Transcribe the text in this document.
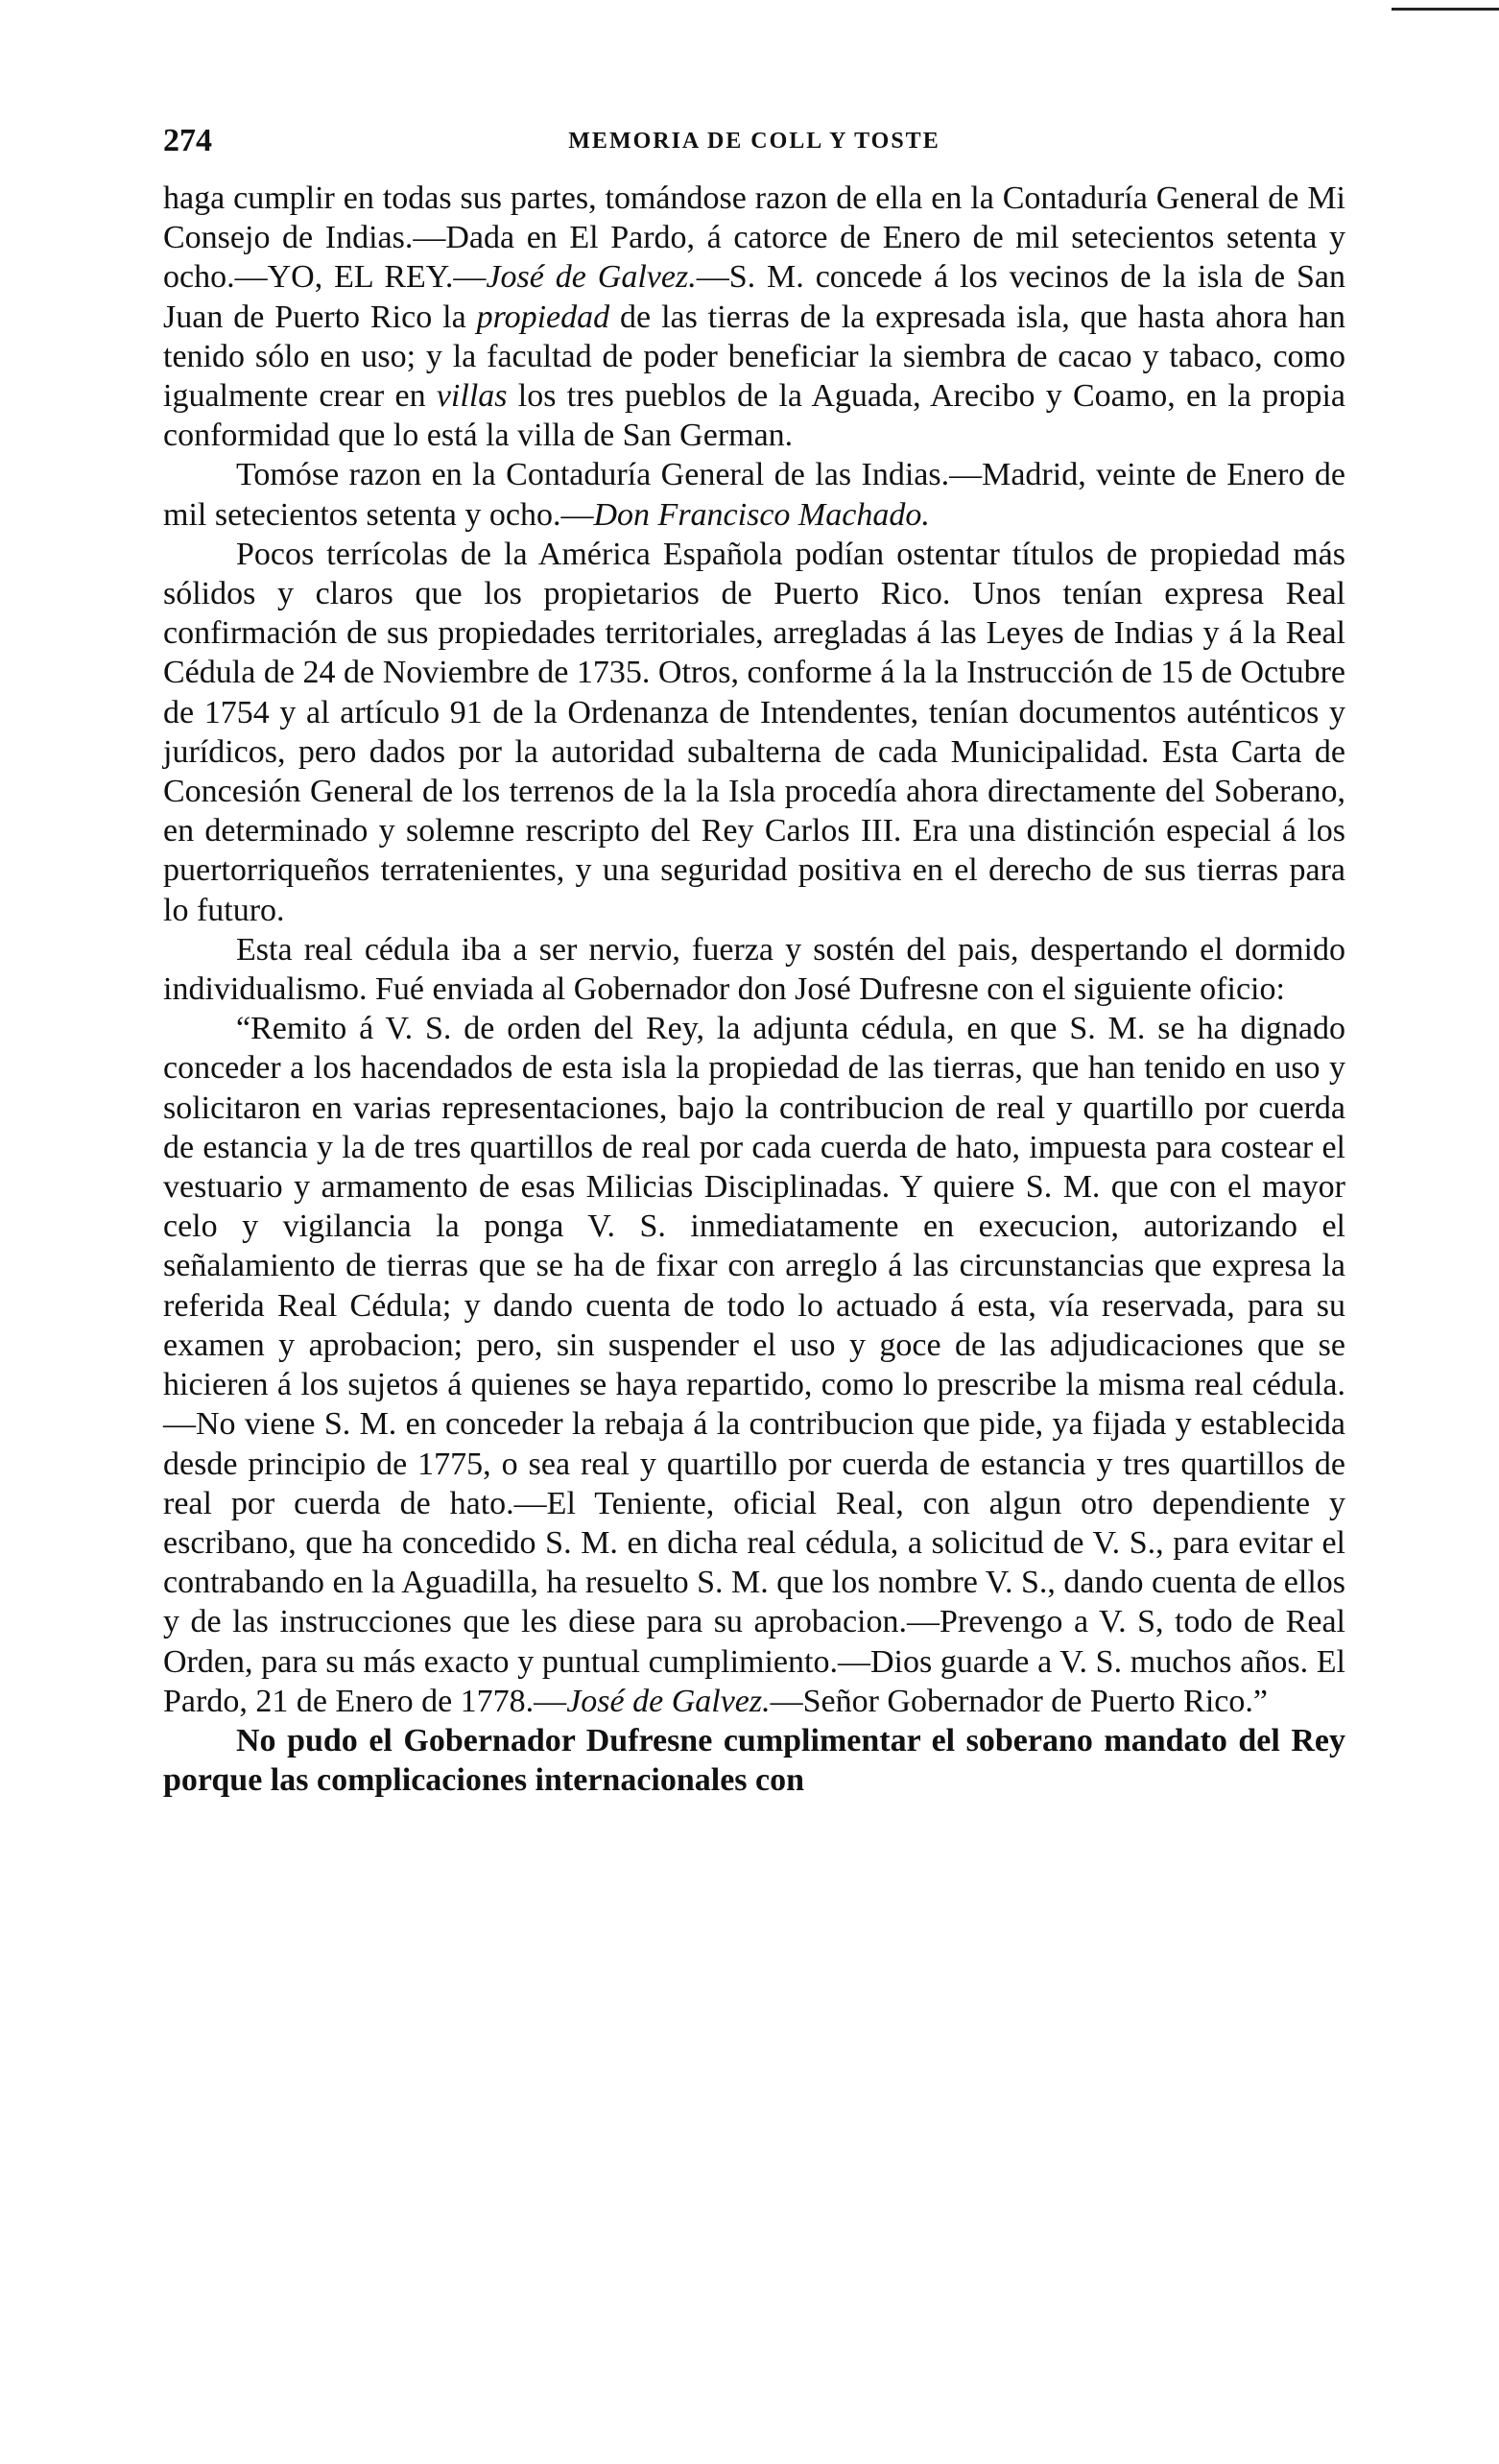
274	MEMORIA DE COLL Y TOSTE

haga cumplir en todas sus partes, tomándose razon de ella en la Contaduría General de Mi Consejo de Indias.—Dada en El Pardo, á catorce de Enero de mil setecientos setenta y ocho.—YO, EL REY.—José de Galvez.—S. M. concede á los vecinos de la isla de San Juan de Puerto Rico la propiedad de las tierras de la expresada isla, que hasta ahora han tenido sólo en uso; y la facultad de poder beneficiar la siembra de cacao y tabaco, como igualmente crear en villas los tres pueblos de la Aguada, Arecibo y Coamo, en la propia conformidad que lo está la villa de San German.

Tomóse razon en la Contaduría General de las Indias.—Madrid, veinte de Enero de mil setecientos setenta y ocho.—Don Francisco Machado.

Pocos terrícolas de la América Española podían ostentar títulos de propiedad más sólidos y claros que los propietarios de Puerto Rico. Unos tenían expresa Real confirmación de sus propiedades territoriales, arregladas á las Leyes de Indias y á la Real Cédula de 24 de Noviembre de 1735. Otros, conforme á la la Instrucción de 15 de Octubre de 1754 y al artículo 91 de la Ordenanza de Intendentes, tenían documentos auténticos y jurídicos, pero dados por la autoridad subalterna de cada Municipalidad. Esta Carta de Concesión General de los terrenos de la la Isla procedía ahora directamente del Soberano, en determinado y solemne rescripto del Rey Carlos III. Era una distinción especial á los puertorriqueños terratenientes, y una seguridad positiva en el derecho de sus tierras para lo futuro.

Esta real cédula iba a ser nervio, fuerza y sostén del pais, despertando el dormido individualismo. Fué enviada al Gobernador don José Dufresne con el siguiente oficio:

“Remito á V. S. de orden del Rey, la adjunta cédula, en que S. M. se ha dignado conceder a los hacendados de esta isla la propiedad de las tierras, que han tenido en uso y solicitaron en varias representaciones, bajo la contribucion de real y quartillo por cuerda de estancia y la de tres quartillos de real por cada cuerda de hato, impuesta para costear el vestuario y armamento de esas Milicias Disciplinadas. Y quiere S. M. que con el mayor celo y vigilancia la ponga V. S. inmediatamente en execucion, autorizando el señalamiento de tierras que se ha de fixar con arreglo á las circunstancias que expresa la referida Real Cédula; y dando cuenta de todo lo actuado á esta, vía reservada, para su examen y aprobacion; pero, sin suspender el uso y goce de las adjudicaciones que se hicieren á los sujetos á quienes se haya repartido, como lo prescribe la misma real cédula.—No viene S. M. en conceder la rebaja á la contribucion que pide, ya fijada y establecida desde principio de 1775, o sea real y quartillo por cuerda de estancia y tres quartillos de real por cuerda de hato.—El Teniente, oficial Real, con algun otro dependiente y escribano, que ha concedido S. M. en dicha real cédula, a solicitud de V. S., para evitar el contrabando en la Aguadilla, ha resuelto S. M. que los nombre V. S., dando cuenta de ellos y de las instrucciones que les diese para su aprobacion.—Prevengo a V. S, todo de Real Orden, para su más exacto y puntual cumplimiento.—Dios guarde a V. S. muchos años. El Pardo, 21 de Enero de 1778.—José de Galvez.—Señor Gobernador de Puerto Rico.”

No pudo el Gobernador Dufresne cumplimentar el soberano mandato del Rey porque las complicaciones internacionales con
